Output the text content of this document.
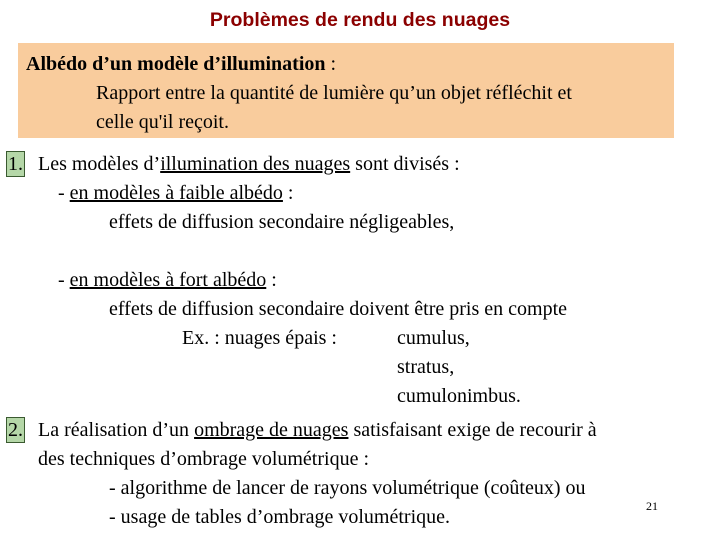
Problèmes de rendu des nuages
Albédo d’un modèle d’illumination :
Rapport entre la quantité de lumière qu’un objet réfléchit et
celle qu'il reçoit.
1. Les modèles d’illumination des nuages sont divisés :
- en modèles à faible albédo :
effets de diffusion secondaire négligeables,
- en modèles à fort albédo :
effets de diffusion secondaire doivent être pris en compte
Ex. : nuages épais :	cumulus,
stratus,
cumulonimbus.
2. La réalisation d’un ombrage de nuages satisfaisant exige de recourir à
des techniques d’ombrage volumétrique :
- algorithme de lancer de rayons volumétrique (coûteux) ou
- usage de tables d’ombrage volumétrique.	21
